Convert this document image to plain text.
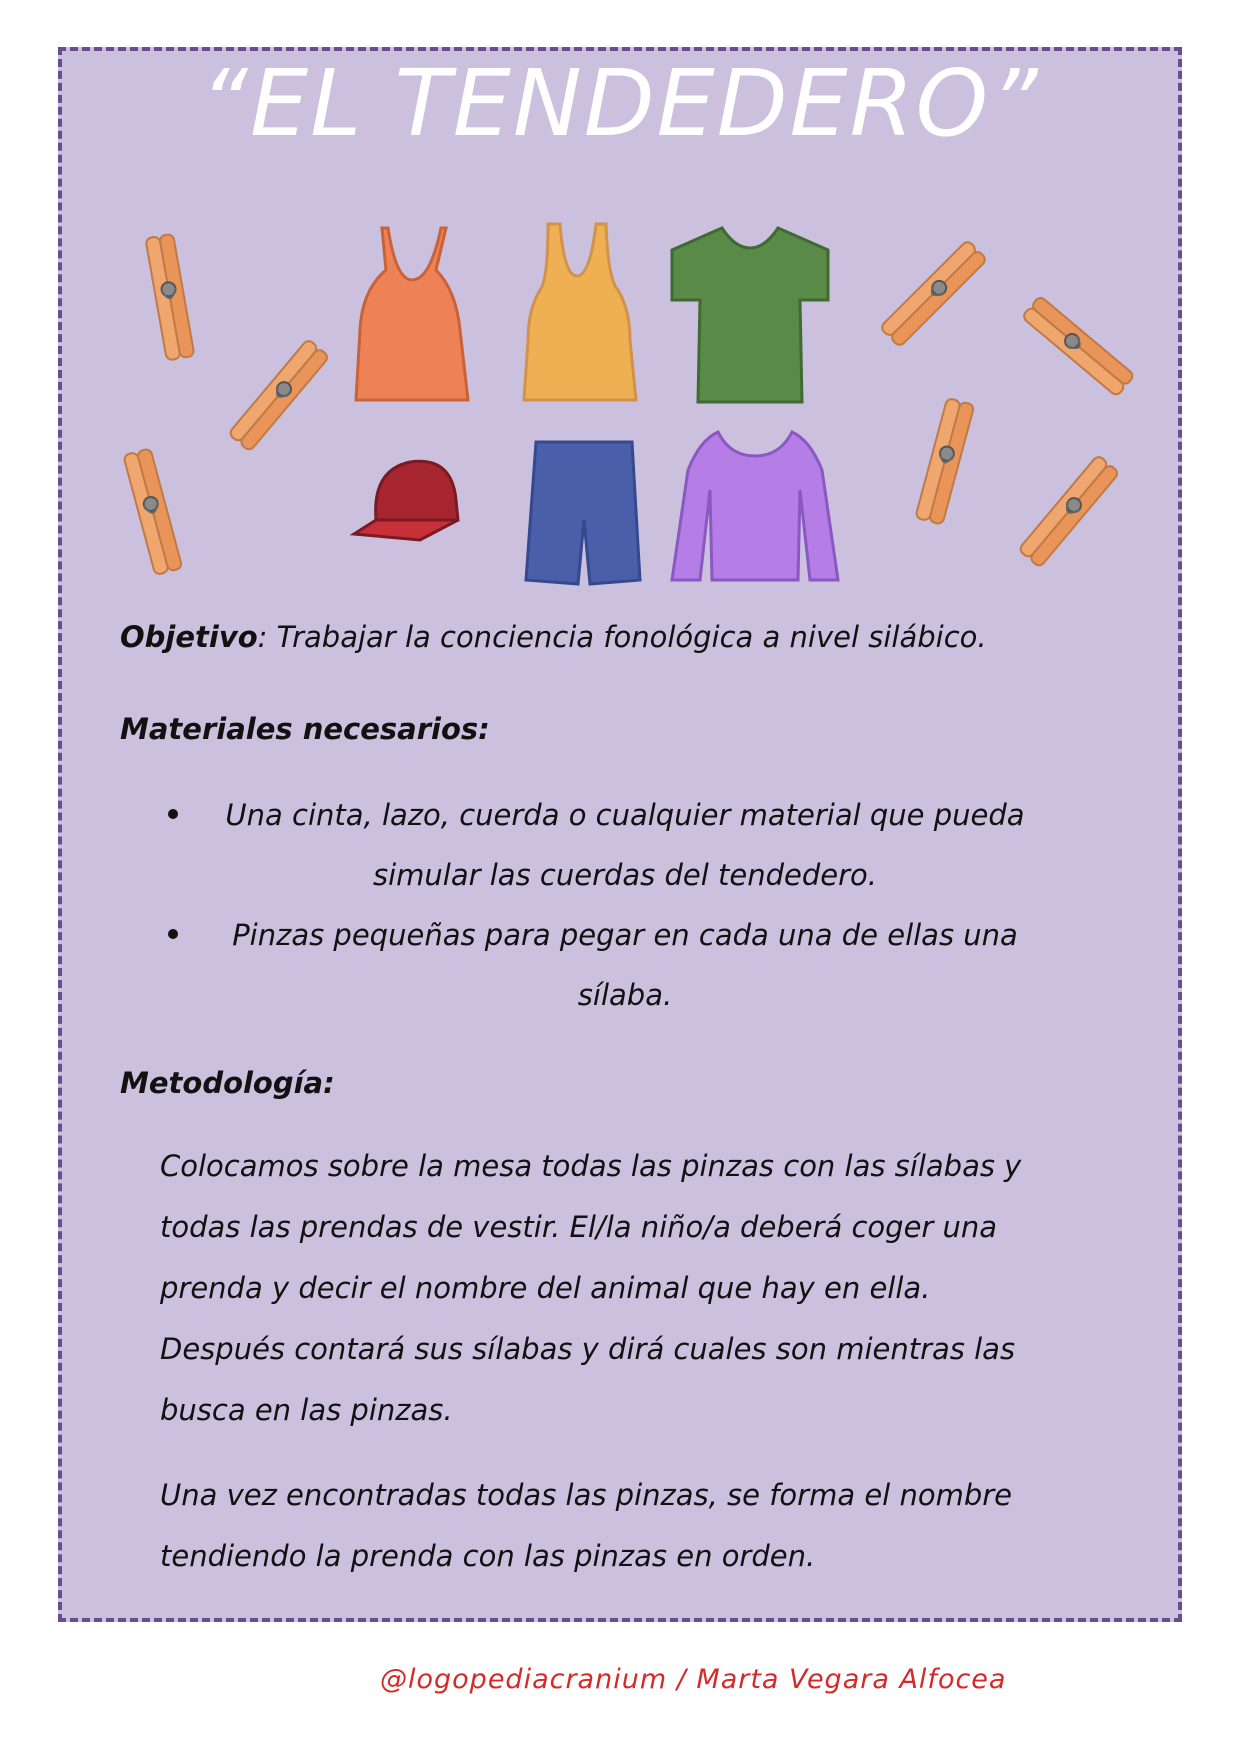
“EL TENDEDERO”
Objetivo: Trabajar la conciencia fonológica a nivel silábico.
Materiales necesarios:
Una cinta, lazo, cuerda o cualquier material que pueda
simular las cuerdas del tendedero.
Pinzas pequeñas para pegar en cada una de ellas una
sílaba.
Metodología:
Colocamos sobre la mesa todas las pinzas con las sílabas y
todas las prendas de vestir. El/la niño/a deberá coger una
prenda y decir el nombre del animal que hay en ella.
Después contará sus sílabas y dirá cuales son mientras las
busca en las pinzas.
Una vez encontradas todas las pinzas, se forma el nombre
tendiendo la prenda con las pinzas en orden.
@logopediacranium / Marta Vegara Alfocea
